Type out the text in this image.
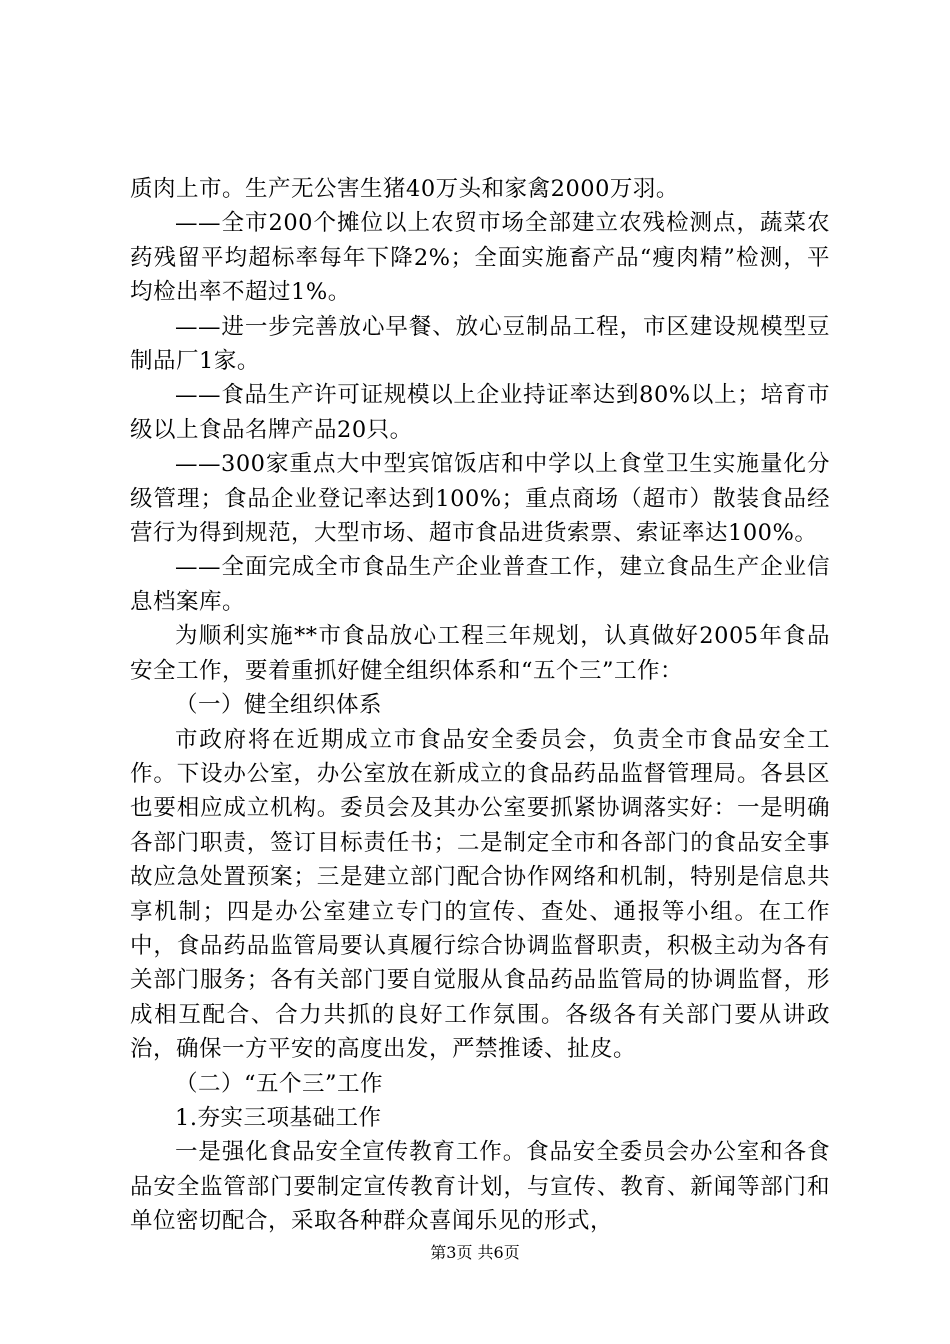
质肉上市。生产无公害生猪40万头和家禽2000万羽。

——全市200个摊位以上农贸市场全部建立农残检测点，蔬菜农药残留平均超标率每年下降2%；全面实施畜产品“瘦肉精”检测，平均检出率不超过1%。

——进一步完善放心早餐、放心豆制品工程，市区建设规模型豆制品厂1家。

——食品生产许可证规模以上企业持证率达到80%以上；培育市级以上食品名牌产品20只。

——300家重点大中型宾馆饭店和中学以上食堂卫生实施量化分级管理；食品企业登记率达到100%；重点商场（超市）散装食品经营行为得到规范，大型市场、超市食品进货索票、索证率达100%。

——全面完成全市食品生产企业普查工作，建立食品生产企业信息档案库。

为顺利实施**市食品放心工程三年规划，认真做好2005年食品安全工作，要着重抓好健全组织体系和“五个三”工作：

（一）健全组织体系

市政府将在近期成立市食品安全委员会，负责全市食品安全工作。下设办公室，办公室放在新成立的食品药品监督管理局。各县区也要相应成立机构。委员会及其办公室要抓紧协调落实好：一是明确各部门职责，签订目标责任书；二是制定全市和各部门的食品安全事故应急处置预案；三是建立部门配合协作网络和机制，特别是信息共享机制；四是办公室建立专门的宣传、查处、通报等小组。在工作中，食品药品监管局要认真履行综合协调监督职责，积极主动为各有关部门服务；各有关部门要自觉服从食品药品监管局的协调监督，形成相互配合、合力共抓的良好工作氛围。各级各有关部门要从讲政治，确保一方平安的高度出发，严禁推诿、扯皮。

（二）“五个三”工作

1.夯实三项基础工作

一是强化食品安全宣传教育工作。食品安全委员会办公室和各食品安全监管部门要制定宣传教育计划，与宣传、教育、新闻等部门和单位密切配合，采取各种群众喜闻乐见的形式，

第3页 共6页
